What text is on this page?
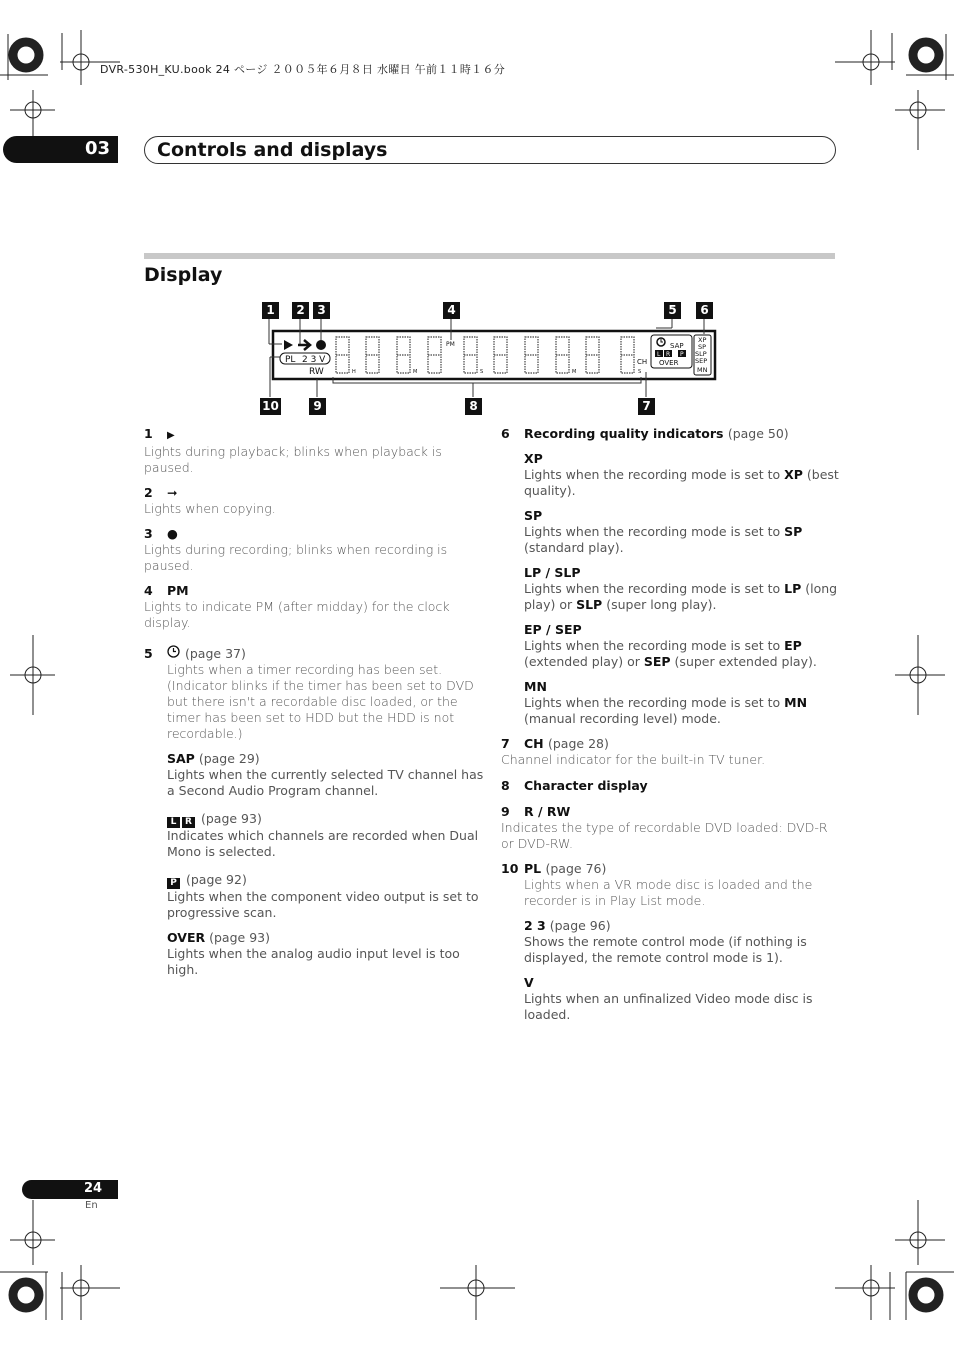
DVR-530H_KU.book 24 ページ ２００５年６月８日 水曜日 午前１１時１６分
03 Controls and displays
Display
PL 2 3 V
RW
PM
H	M	S	M	S
CH
SAP
L R P
OVER
XP
SP
SLP
SEP
MN
1	2	3	4	5	6
7
8
9
10
1	▶
Lights during playback; blinks when playback is paused.
2	➞
Lights when copying.
3	●
Lights during recording; blinks when recording is paused.
4	PM
Lights to indicate PM (after midday) for the clock display.
5	(page 37)
Lights when a timer recording has been set. (Indicator blinks if the timer has been set to DVD but there isn't a recordable disc loaded, or the timer has been set to HDD but the HDD is not recordable.)
SAP (page 29)
Lights when the currently selected TV channel has a Second Audio Program channel.
L R (page 93)
Indicates which channels are recorded when Dual Mono is selected.
P (page 92)
Lights when the component video output is set to progressive scan.
OVER (page 93)
Lights when the analog audio input level is too high.
6	Recording quality indicators
(page 50)
XP
Lights when the recording mode is set to XP (best quality).
SP
Lights when the recording mode is set to SP (standard play).
LP / SLP
Lights when the recording mode is set to LP (long play) or SLP (super long play).
EP / SEP
Lights when the recording mode is set to EP (extended play) or SEP (super extended play).
MN
Lights when the recording mode is set to MN (manual recording level) mode.
7	CH
(page 28)
Channel indicator for the built-in TV tuner.
8	Character display
9	R / RW
Indicates the type of recordable DVD loaded: DVD-R or DVD-RW.
10 PL
(page 76)
Lights when a VR mode disc is loaded and the recorder is in Play List mode.
2 3 (page 96)
Shows the remote control mode (if nothing is displayed, the remote control mode is 1).
V
Lights when an unfinalized Video mode disc is loaded.
24
En
